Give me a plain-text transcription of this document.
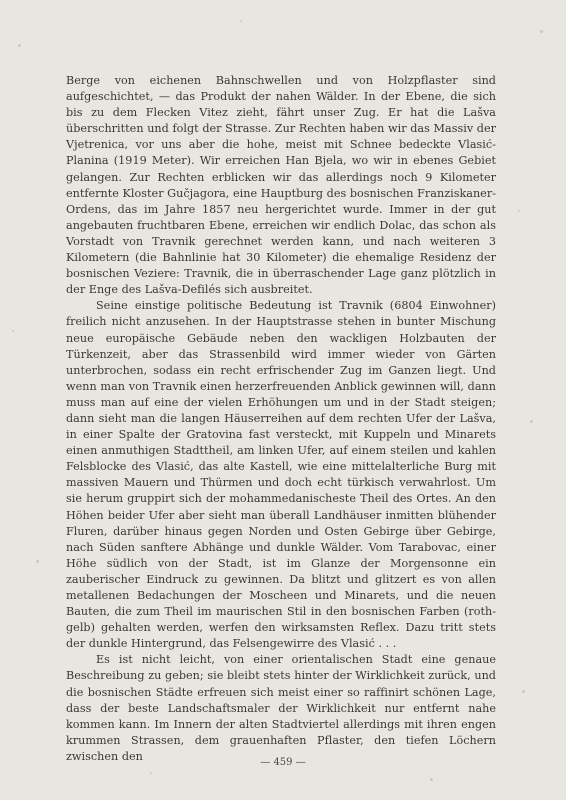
Berge von eichenen Bahnschwellen und von Holzpflaster sind aufgeschichtet, — das Produkt der nahen Wälder. In der Ebene, die sich bis zu dem Flecken Vitez zieht, fährt unser Zug. Er hat die Lašva überschritten und folgt der Strasse. Zur Rechten haben wir das Massiv der Vjetrenica, vor uns aber die hohe, meist mit Schnee bedeckte Vlasić-Planina (1919 Meter). Wir erreichen Han Bjela, wo wir in ebenes Gebiet gelangen. Zur Rechten erblicken wir das allerdings noch 9 Kilometer entfernte Kloster Gučjagora, eine Hauptburg des bosnischen Franziskaner-Ordens, das im Jahre 1857 neu hergerichtet wurde. Immer in der gut angebauten fruchtbaren Ebene, erreichen wir endlich Dolac, das schon als Vorstadt von Travnik gerechnet werden kann, und nach weiteren 3 Kilometern (die Bahnlinie hat 30 Kilometer) die ehemalige Residenz der bosnischen Veziere: Travnik, die in überraschender Lage ganz plötzlich in der Enge des Lašva-Defilés sich ausbreitet.

Seine einstige politische Bedeutung ist Travnik (6804 Einwohner) freilich nicht anzusehen. In der Hauptstrasse stehen in bunter Mischung neue europäische Gebäude neben den wackligen Holzbauten der Türkenzeit, aber das Strassenbild wird immer wieder von Gärten unterbrochen, sodass ein recht erfrischender Zug im Ganzen liegt. Und wenn man von Travnik einen herzerfreuenden Anblick gewinnen will, dann muss man auf eine der vielen Erhöhungen um und in der Stadt steigen; dann sieht man die langen Häuserreihen auf dem rechten Ufer der Lašva, in einer Spalte der Gratovina fast versteckt, mit Kuppeln und Minarets einen anmuthigen Stadttheil, am linken Ufer, auf einem steilen und kahlen Felsblocke des Vlasić, das alte Kastell, wie eine mittelalterliche Burg mit massiven Mauern und Thürmen und doch echt türkisch verwahrlost. Um sie herum gruppirt sich der mohammedanischeste Theil des Ortes. An den Höhen beider Ufer aber sieht man überall Landhäuser inmitten blühender Fluren, darüber hinaus gegen Norden und Osten Gebirge über Gebirge, nach Süden sanftere Abhänge und dunkle Wälder. Vom Tarabovac, einer Höhe südlich von der Stadt, ist im Glanze der Morgensonne ein zauberischer Eindruck zu gewinnen. Da blitzt und glitzert es von allen metallenen Bedachungen der Moscheen und Minarets, und die neuen Bauten, die zum Theil im maurischen Stil in den bosnischen Farben (roth-gelb) gehalten werden, werfen den wirksamsten Reflex. Dazu tritt stets der dunkle Hintergrund, das Felsengewirre des Vlasić . . .

Es ist nicht leicht, von einer orientalischen Stadt eine genaue Beschreibung zu geben; sie bleibt stets hinter der Wirklichkeit zurück, und die bosnischen Städte erfreuen sich meist einer so raffinirt schönen Lage, dass der beste Landschaftsmaler der Wirklichkeit nur entfernt nahe kommen kann. Im Innern der alten Stadtviertel allerdings mit ihren engen krummen Strassen, dem grauenhaften Pflaster, den tiefen Löchern zwischen den	— 459 —
